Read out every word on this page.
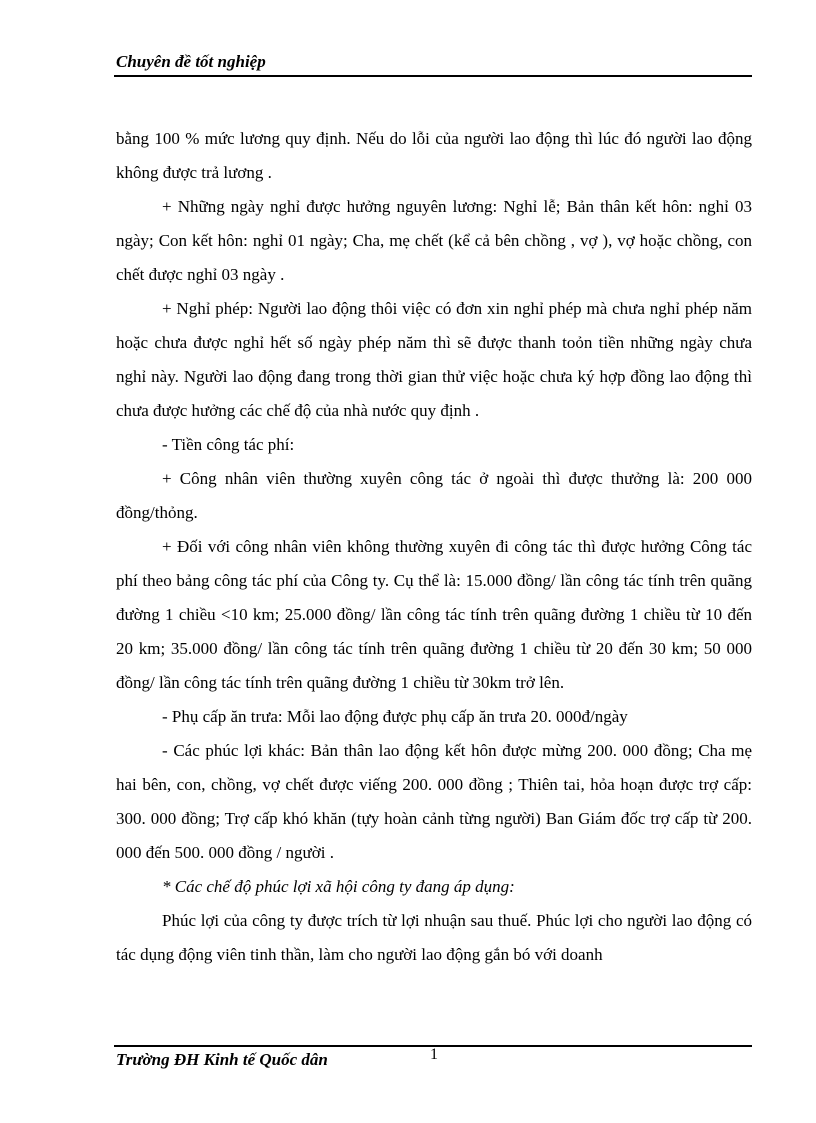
Chuyên đề tốt nghiệp

bằng 100 % mức lương quy định. Nếu do lỗi của người lao động thì lúc đó người lao động không được trả lương .

+ Những ngày nghỉ được hưởng nguyên lương: Nghỉ lễ; Bản thân kết hôn: nghỉ 03 ngày; Con kết hôn: nghỉ 01 ngày; Cha, mẹ chết (kể cả bên chồng , vợ ), vợ hoặc chồng, con chết được nghỉ 03 ngày .

+ Nghỉ phép: Người lao động thôi việc có đơn xin nghỉ phép mà chưa nghỉ phép năm hoặc chưa được nghỉ hết số ngày phép năm thì sẽ được thanh toỏn tiền những ngày chưa nghỉ này. Người lao động đang trong thời gian thử việc hoặc chưa ký hợp đồng lao động thì chưa được hưởng các chế độ của nhà nước quy định .

- Tiền công tác phí:

+ Công nhân viên thường xuyên công tác ở ngoài thì được thưởng là: 200 000 đồng/thỏng.

+ Đối với công nhân viên không thường xuyên đi công tác thì được hưởng Công tác phí theo bảng công tác phí của Công ty. Cụ thể là: 15.000 đồng/ lần công tác tính trên quãng đường 1 chiều <10 km; 25.000 đồng/ lần công tác tính trên quãng đường 1 chiều từ 10 đến 20 km; 35.000 đồng/ lần công tác tính trên quãng đường 1 chiều từ 20 đến 30 km; 50 000 đồng/ lần công tác tính trên quãng đường 1 chiều từ 30km trở lên.

- Phụ cấp ăn trưa: Mỗi lao động được phụ cấp ăn trưa 20. 000đ/ngày

- Các phúc lợi khác: Bản thân lao động kết hôn được mừng 200. 000 đồng; Cha mẹ hai bên, con, chồng, vợ chết được viếng 200. 000 đồng ; Thiên tai, hỏa hoạn được trợ cấp: 300. 000 đồng; Trợ cấp khó khăn (tựy hoàn cảnh từng người) Ban Giám đốc trợ cấp từ 200. 000 đến 500. 000 đồng / người .

* Các chế độ phúc lợi xã hội công ty đang áp dụng:

Phúc lợi của công ty được trích từ lợi nhuận sau thuế. Phúc lợi cho người lao động có tác dụng động viên tinh thần, làm cho người lao động gắn bó với doanh

Trường ĐH Kinh tế Quốc dân	1
